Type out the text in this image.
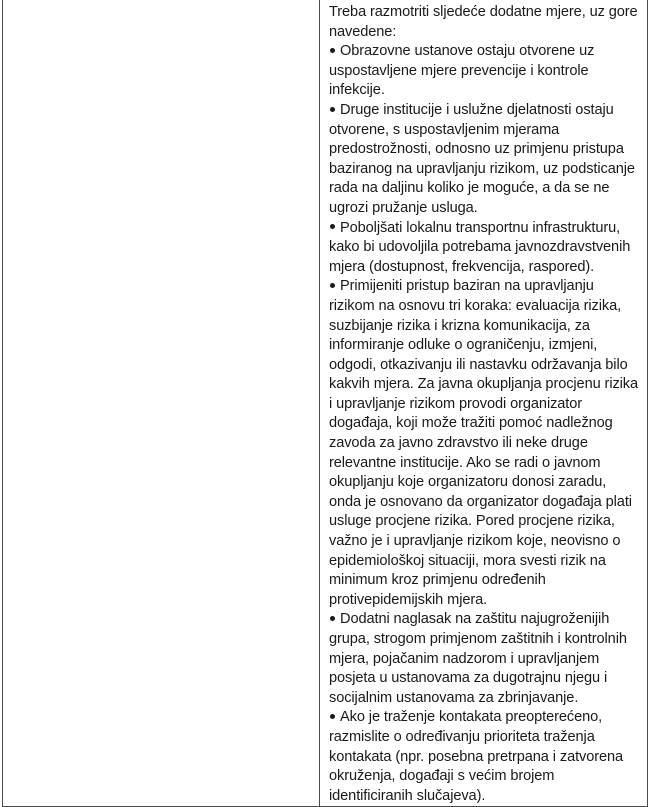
Treba razmotriti sljedeće dodatne mjere, uz gore navedene:

Obrazovne ustanove ostaju otvorene uz uspostavljene mjere prevencije i kontrole infekcije.

Druge institucije i uslužne djelatnosti ostaju otvorene, s uspostavljenim mjerama predostrožnosti, odnosno uz primjenu pristupa baziranog na upravljanju rizikom, uz podsticanje rada na daljinu koliko je moguće, a da se ne ugrozi pružanje usluga.

Poboljšati lokalnu transportnu infrastrukturu, kako bi udovoljila potrebama javnozdravstvenih mjera (dostupnost, frekvencija, raspored).

Primijeniti pristup baziran na upravljanju rizikom na osnovu tri koraka: evaluacija rizika, suzbijanje rizika i krizna komunikacija, za informiranje odluke o ograničenju, izmjeni, odgodi, otkazivanju ili nastavku održavanja bilo kakvih mjera. Za javna okupljanja procjenu rizika i upravljanje rizikom provodi organizator događaja, koji može tražiti pomoć nadležnog zavoda za javno zdravstvo ili neke druge relevantne institucije. Ako se radi o javnom okupljanju koje organizatoru donosi zaradu, onda je osnovano da organizator događaja plati usluge procjene rizika. Pored procjene rizika, važno je i upravljanje rizikom koje, neovisno o epidemiološkoj situaciji, mora svesti rizik na minimum kroz primjenu određenih protivepidemijskih mjera.

Dodatni naglasak na zaštitu najugroženijih grupa, strogom primjenom zaštitnih i kontrolnih mjera, pojačanim nadzorom i upravljanjem posjeta u ustanovama za dugotrajnu njegu i socijalnim ustanovama za zbrinjavanje.

Ako je traženje kontakata preopterećeno, razmislite o određivanju prioriteta traženja kontakata (npr. posebna pretrpana i zatvorena okruženja, događaji s većim brojem identificiranih slučajeva).
